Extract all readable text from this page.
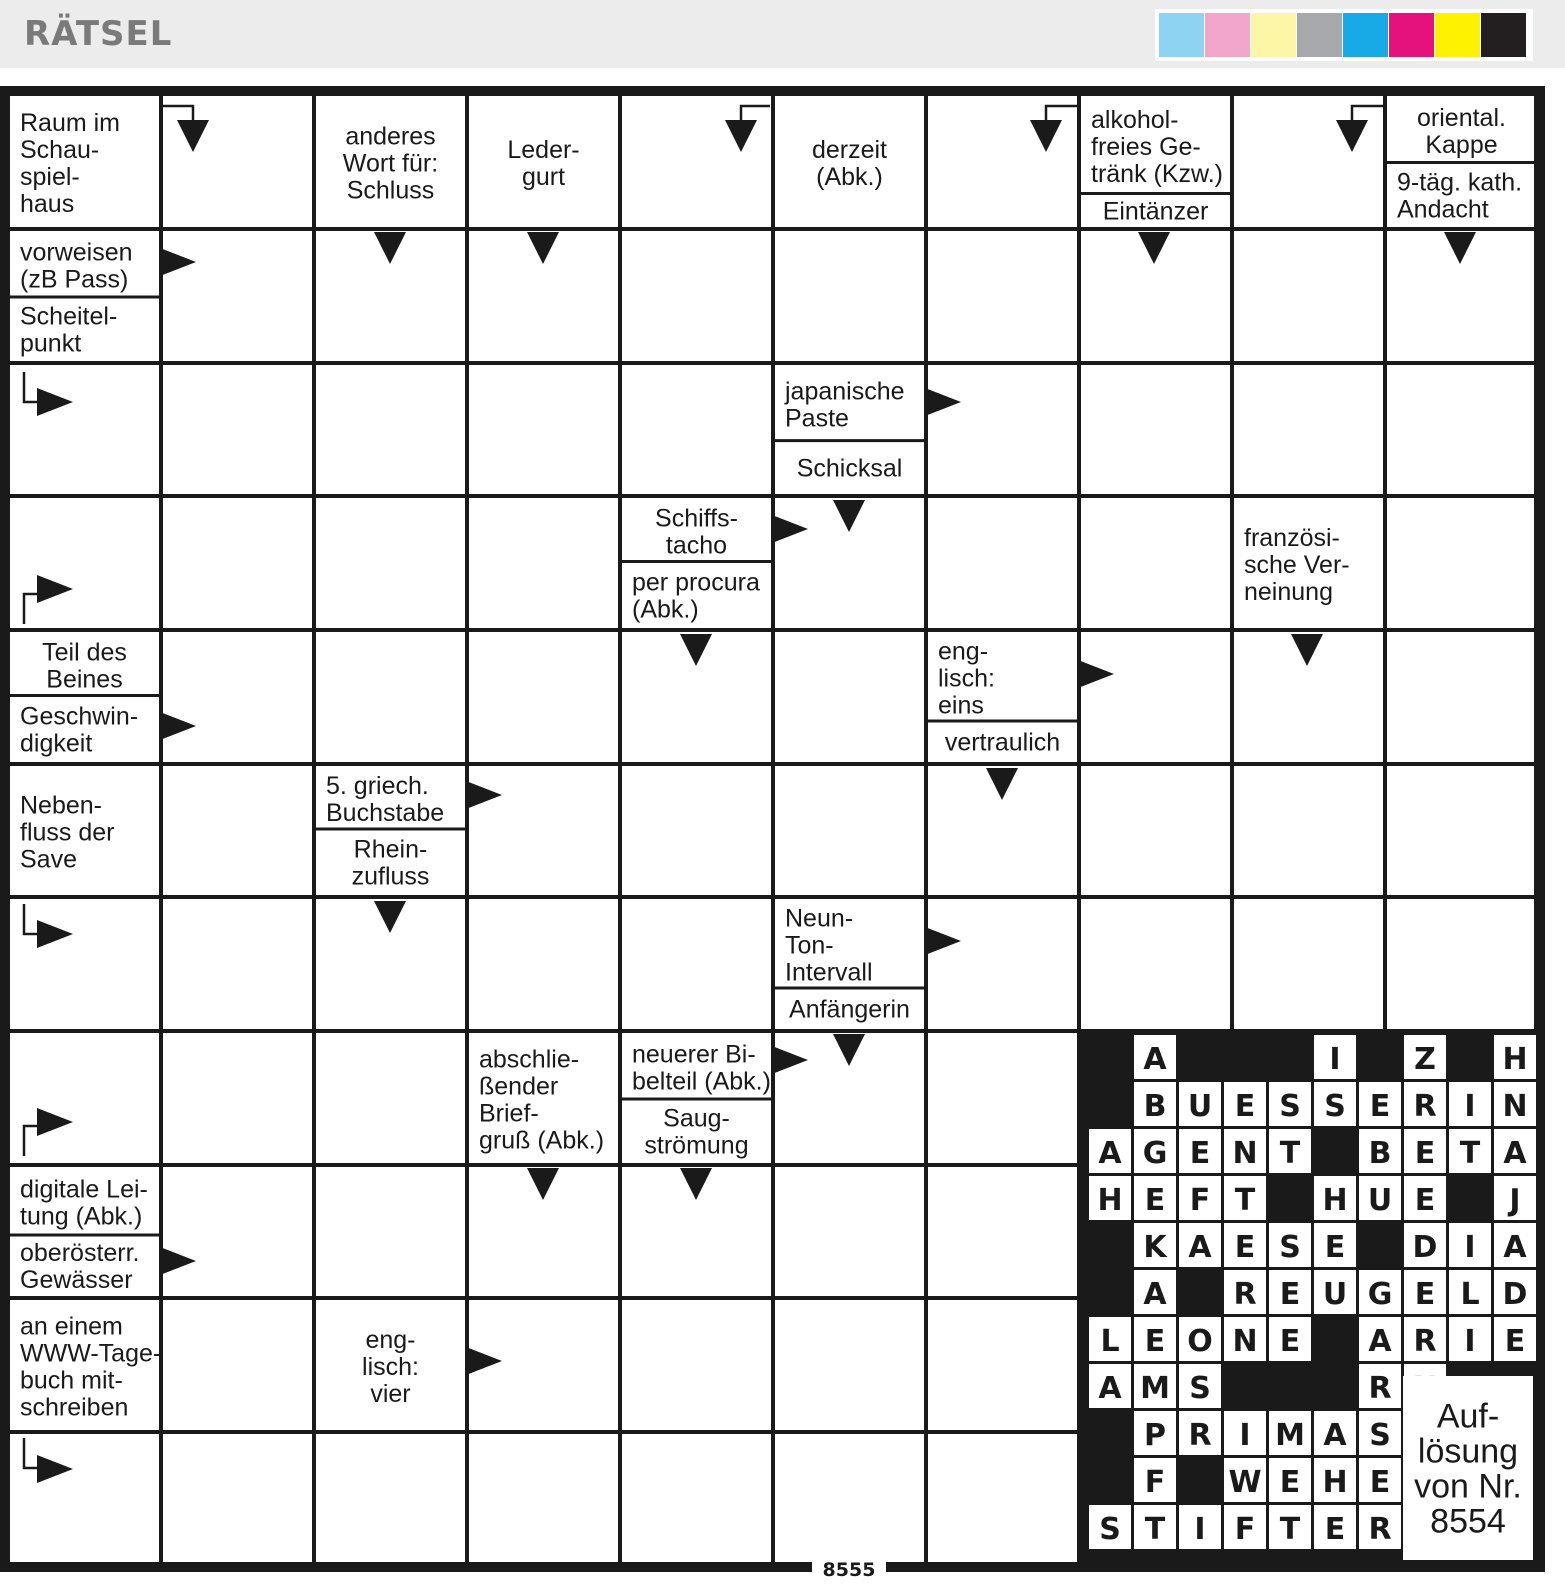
RÄTSEL
Raum im Schau-spiel-haus
anderes Wort für: Schluss
Leder-gurt
derzeit (Abk.)
alkohol-freies Ge-tränk (Kzw.)
Eintänzer
oriental. Kappe
9-täg. kath. Andacht
vorweisen (zB Pass)
Scheitel-punkt
japanische Paste
Schicksal
Schiffs-tacho
per procura (Abk.)
französi-sche Ver-neinung
Teil des Beines
Geschwin-digkeit
eng-lisch: eins
vertraulich
Neben-fluss der Save
5. griech. Buchstabe
Rhein-zufluss
Neun-Ton-Intervall
Anfängerin
abschlie-ßender Brief-gruß (Abk.)
neuerer Bi-belteil (Abk.)
Saug-strömung
digitale Lei-tung (Abk.)
oberösterr. Gewässer
an einem WWW-Tage-buch mit-schreiben
eng-lisch: vier
A	I Z H
B U E S S E R I N
A G E N T B E T A
H E F T H U E J
K A E S E D I A
A R E U G E L D
L E O N E A R I E
A M S	R
P R I M A S
F W E H E
S T I F T E R
Auf-lösung von Nr. 8554
8555
